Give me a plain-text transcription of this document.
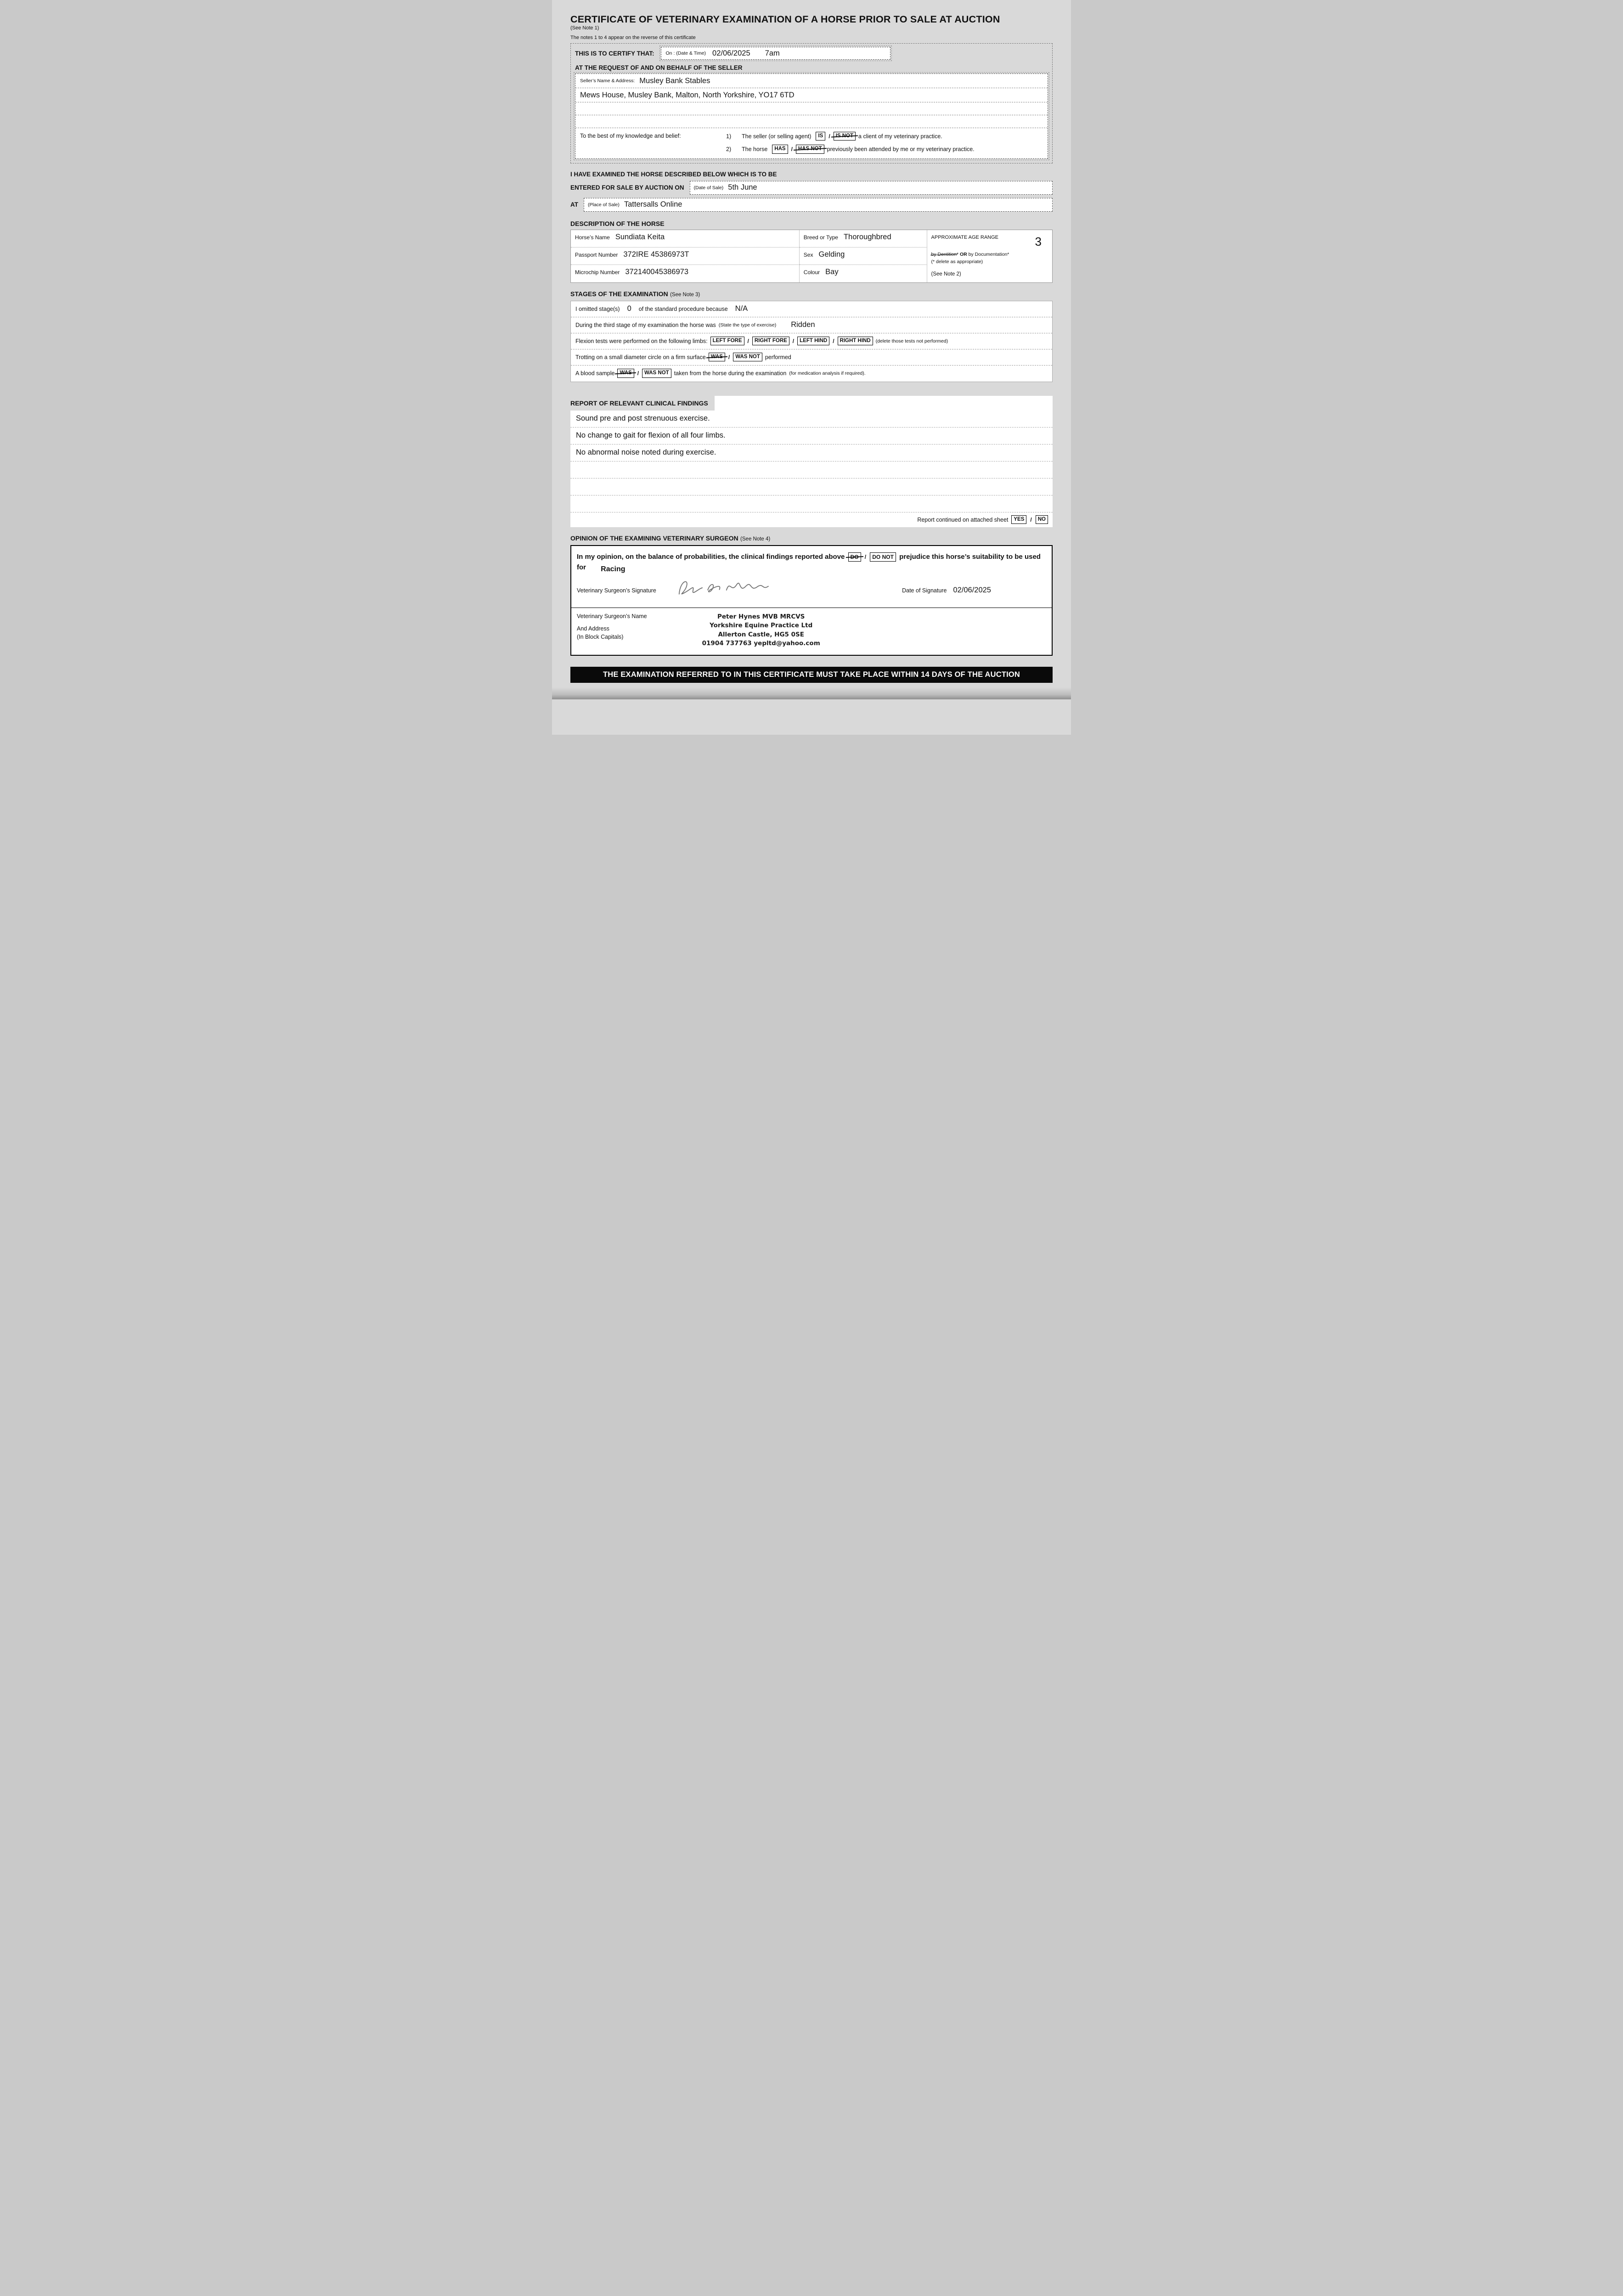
CERTIFICATE OF VETERINARY EXAMINATION OF A HORSE PRIOR TO SALE AT AUCTION
(See Note 1)
The notes 1 to 4 appear on the reverse of this certificate
THIS IS TO CERTIFY THAT: On : (Date & Time) 02/06/2025 7am
AT THE REQUEST OF AND ON BEHALF OF THE SELLER
Seller’s Name & Address: Musley Bank Stables
Mews House, Musley Bank, Malton, North Yorkshire, YO17 6TD
To the best of my knowledge and belief:	1)	The seller (or selling agent)	IS	/	IS NOT a client of my veterinary practice.
2)	The horse	HAS	/	HAS NOT previously been attended by me or my veterinary practice.
I HAVE EXAMINED THE HORSE DESCRIBED BELOW WHICH IS TO BE
ENTERED FOR SALE BY AUCTION ON (Date of Sale) 5th June
AT (Place of Sale) Tattersalls Online
DESCRIPTION OF THE HORSE
Horse’s Name Sundiata Keita	Breed or Type Thoroughbred	APPROXIMATE AGE RANGE	3
by Dentition* OR by Documentation*
(* delete as appropriate)
(See Note 2)
Passport Number 372IRE 45386973T	Sex Gelding
Microchip Number 372140045386973	Colour Bay
STAGES OF THE EXAMINATION (See Note 3)
I omitted stage(s) 0 of the standard procedure because N/A
During the third stage of my examination the horse was (State the type of exercise) Ridden
Flexion tests were performed on the following limbs: LEFT FORE	/	RIGHT FORE	/	LEFT HIND	/	RIGHT HIND	(delete those tests not performed)
Trotting on a small diameter circle on a firm surface WAS	/	WAS NOT performed
A blood sample WAS	/	WAS NOT taken from the horse during the examination (for medication analysis if required).
REPORT OF RELEVANT CLINICAL FINDINGS
Sound pre and post strenuous exercise.
No change to gait for flexion of all four limbs.
No abnormal noise noted during exercise.
Report continued on attached sheet	YES	/	NO
OPINION OF THE EXAMINING VETERINARY SURGEON (See Note 4)
In my opinion, on the balance of probabilities, the clinical findings reported above DO / DO NOT prejudice this horse’s suitability to be used for Racing
Veterinary Surgeon’s Signature	Date of Signature 02/06/2025
Veterinary Surgeon’s Name
And Address
(In Block Capitals)
Peter Hynes MVB MRCVS
Yorkshire Equine Practice Ltd
Allerton Castle, HG5 0SE
01904 737763 yepltd@yahoo.com
THE EXAMINATION REFERRED TO IN THIS CERTIFICATE MUST TAKE PLACE WITHIN 14 DAYS OF THE AUCTION
